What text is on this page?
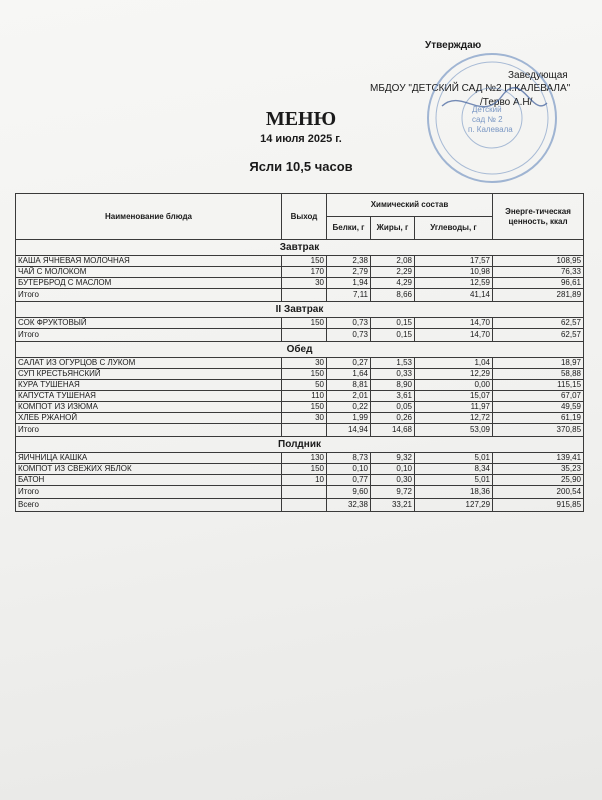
Утверждаю
Заведующая
МБДОУ "ДЕТСКИЙ САД №2 П.КАЛЕВАЛА"
/Терво А.Н/
Детский
сад № 2
п. Калевала
МЕНЮ
14 июля 2025 г.
Ясли 10,5 часов
Наименование блюда	Выход	Химический состав			Энерге-тическая ценность, ккал
		Белки, г	Жиры, г	Углеводы, г	
Завтрак					
КАША ЯЧНЕВАЯ МОЛОЧНАЯ	150	2,38	2,08	17,57	108,95
ЧАЙ С МОЛОКОМ	170	2,79	2,29	10,98	76,33
БУТЕРБРОД С МАСЛОМ	30	1,94	4,29	12,59	96,61
Итого		7,11	8,66	41,14	281,89
II Завтрак					
СОК ФРУКТОВЫЙ	150	0,73	0,15	14,70	62,57
Итого		0,73	0,15	14,70	62,57
Обед					
САЛАТ ИЗ ОГУРЦОВ С ЛУКОМ	30	0,27	1,53	1,04	18,97
СУП КРЕСТЬЯНСКИЙ	150	1,64	0,33	12,29	58,88
КУРА ТУШЕНАЯ	50	8,81	8,90	0,00	115,15
КАПУСТА ТУШЕНАЯ	110	2,01	3,61	15,07	67,07
КОМПОТ ИЗ ИЗЮМА	150	0,22	0,05	11,97	49,59
ХЛЕБ РЖАНОЙ	30	1,99	0,26	12,72	61,19
Итого		14,94	14,68	53,09	370,85
Полдник					
ЯИЧНИЦА КАШКА	130	8,73	9,32	5,01	139,41
КОМПОТ ИЗ СВЕЖИХ ЯБЛОК	150	0,10	0,10	8,34	35,23
БАТОН	10	0,77	0,30	5,01	25,90
Итого		9,60	9,72	18,36	200,54
Всего		32,38	33,21	127,29	915,85
